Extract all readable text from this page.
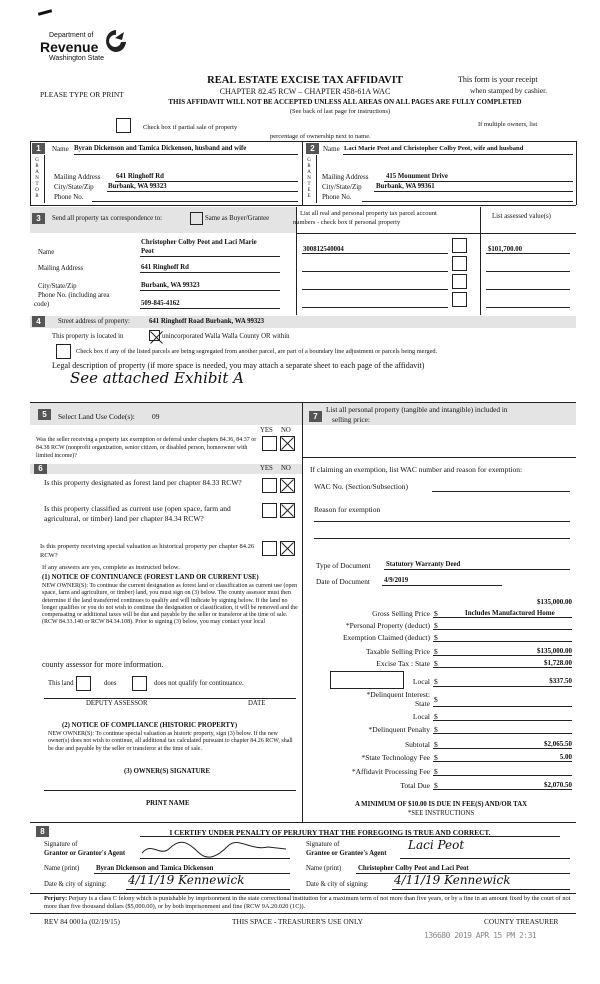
Department of
Revenue
Washington State
PLEASE TYPE OR PRINT
REAL ESTATE EXCISE TAX AFFIDAVIT
CHAPTER 82.45 RCW – CHAPTER 458-61A WAC
THIS AFFIDAVIT WILL NOT BE ACCEPTED UNLESS ALL AREAS ON ALL PAGES ARE FULLY COMPLETED
(See back of last page for instructions)
This form is your receipt
when stamped by cashier.
Check box if partial sale of property	If multiple owners, list
percentage of ownership next to name.
1	Name Byran Dickenson and Tamica Dickenson, husband and wife
GRANTOR
Mailing Address 641 Ringhoff Rd
City/State/Zip Burbank, WA 99323
Phone No.
2	Name Laci Marie Peot and Christopher Colby Peot, wife and husband
GRANTEE
Mailing Address	415 Monument Drive
City/State/Zip Burbank, WA 99361
Phone No.
3	Send all property tax correspondence to:	Same as Buyer/Grantee
List all real and personal property tax parcel account
numbers - check box if personal property
List assessed value(s)
Christopher Colby Peot and Laci Marie
Name	Peot
Mailing Address	641 Ringhoff Rd
City/State/Zip	Burbank, WA 99323
Phone No. (including area
code)	509-845-4162
300812540004	$101,700.00
4	Street address of property:	641 Ringhoff Road Burbank, WA 99323
This property is located in	unincorporated Walla Walla County OR within
Check box if any of the listed parcels are being segregated from another parcel, are part of a boundary line adjustment or parcels being merged.
Legal description of property (if more space is needed, you may attach a separate sheet to each page of the affidavit)
See attached Exhibit A
5	Select Land Use Code(s): 09
YES NO
Was the seller receiving a property tax exemption or deferral under chapters 84.36, 84.37 or 84.38 RCW (nonprofit organization, senior citizen, or disabled person, homeowner with limited income)?
6	YES NO
Is this property designated as forest land per chapter 84.33 RCW?
Is this property classified as current use (open space, farm and agricultural, or timber) land per chapter 84.34 RCW?
Is this property receiving special valuation as historical property per chapter 84.26 RCW?
If any answers are yes, complete as instructed below.
(1) NOTICE OF CONTINUANCE (FOREST LAND OR CURRENT USE)
NEW OWNER(S): To continue the current designation as forest land or classification as current use (open space, farm and agriculture, or timber) land, you must sign on (3) below. The county assessor must then determine if the land transferred continues to qualify and will indicate by signing below. If the land no longer qualifies or you do not wish to continue the designation or classification, it will be removed and the compensating or additional taxes will be due and payable by the seller or transferor at the time of sale. (RCW 84.33.140 or RCW 84.34.108). Prior to signing (3) below, you may contact your local
county assessor for more information.
This land	does	does not qualify for continuance.
DEPUTY ASSESSOR	DATE
(2) NOTICE OF COMPLIANCE (HISTORIC PROPERTY)
NEW OWNER(S): To continue special valuation as historic property, sign (3) below. If the new owner(s) does not wish to continue, all additional tax calculated pursuant to chapter 84.26 RCW, shall be due and payable by the seller or transferor at the time of sale.
(3) OWNER(S) SIGNATURE
PRINT NAME
7
List all personal property (tangible and intangible) included in
selling price:
If claiming an exemption, list WAC number and reason for exemption:
WAC No. (Section/Subsection)
Reason for exemption
Type of Document Statutory Warranty Deed
Date of Document 4/9/2019
$135,000.00
Gross Selling Price $	Includes Manufactured Home
*Personal Property (deduct) $
Exemption Claimed (deduct) $
Taxable Selling Price $	$135,000.00
Excise Tax : State $	$1,728.00
Local $	$337.50
*Delinquent Interest:
State $
Local $
*Delinquent Penalty $
Subtotal $	$2,065.50
*State Technology Fee $	5.00
*Affidavit Processing Fee $
Total Due $	$2,070.50
A MINIMUM OF $10.00 IS DUE IN FEE(S) AND/OR TAX
*SEE INSTRUCTIONS
8	I CERTIFY UNDER PENALTY OF PERJURY THAT THE FOREGOING IS TRUE AND CORRECT.
Signature of
Grantor or Grantor's Agent
Signature of
Grantee or Grantee's Agent
Laci Peot
Name (print) Byran Dickenson and Tamica Dickenson	Name (print) Christopher Colby Peot and Laci Peot
Date & city of signing: 4/11/19 Kennewick	Date & city of signing: 4/11/19 Kennewick
Perjury: Perjury is a class C felony which is punishable by imprisonment in the state correctional institution for a maximum term of not more than five years, or by a fine in an amount fixed by the court of not more than five thousand dollars ($5,000.00), or by both imprisonment and fine (RCW 9A.20.020 (1C)).
REV 84 0001a (02/19/15)	THIS SPACE - TREASURER'S USE ONLY	COUNTY TREASURER
136680 2019 APR 15 PM 2:31
